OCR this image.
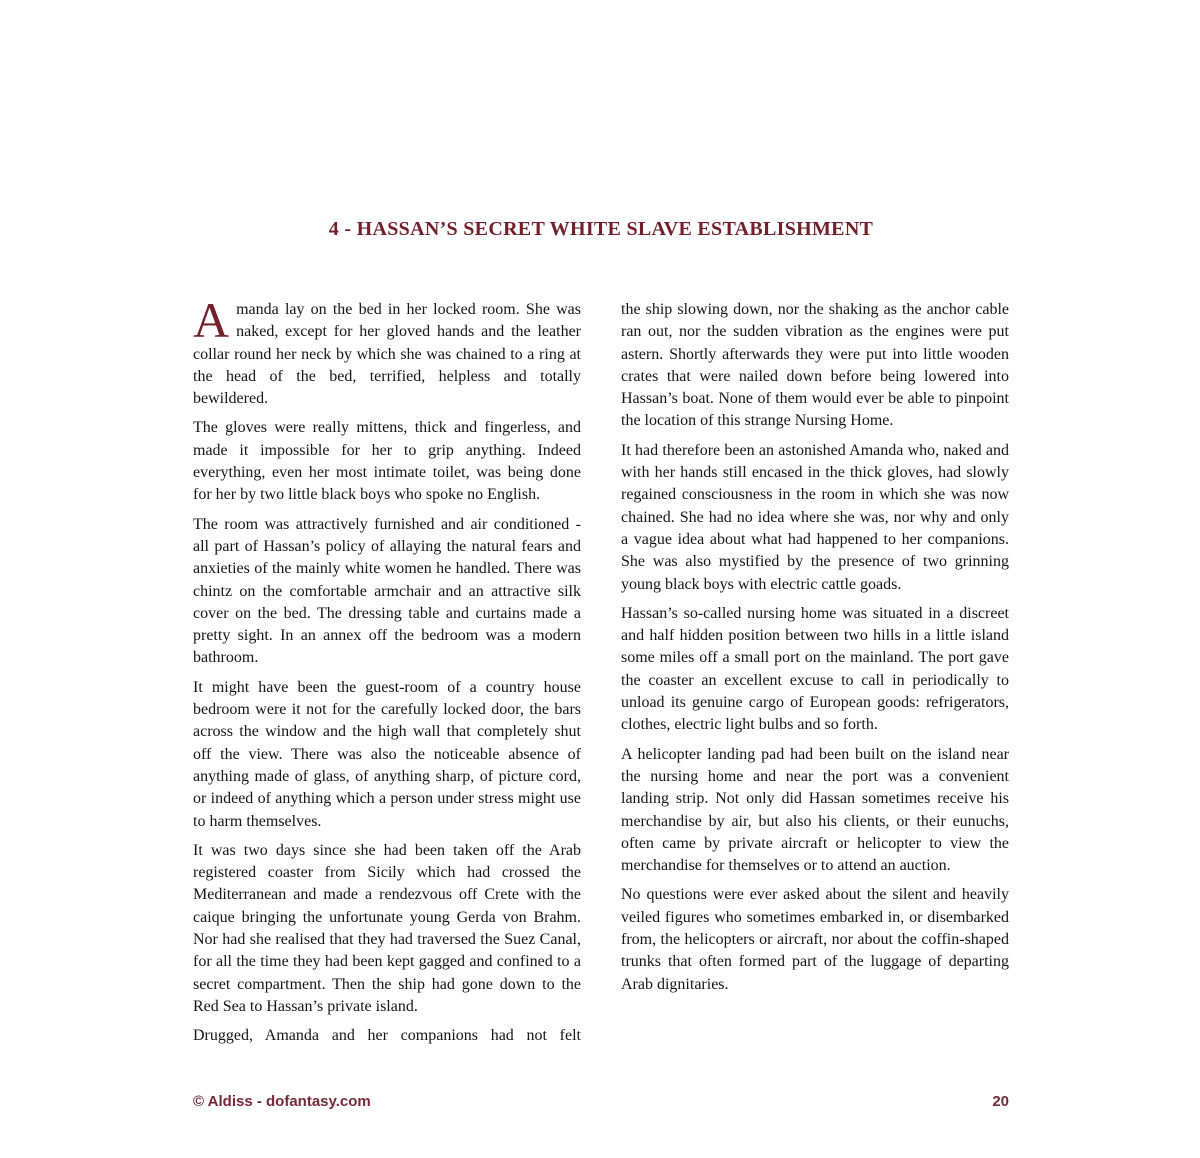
4 - HASSAN’S SECRET WHITE SLAVE ESTABLISHMENT

Amanda lay on the bed in her locked room. She was naked, except for her gloved hands and the leather collar round her neck by which she was chained to a ring at the head of the bed, terrified, helpless and totally bewildered.

The gloves were really mittens, thick and fingerless, and made it impossible for her to grip anything. Indeed everything, even her most intimate toilet, was being done for her by two little black boys who spoke no English.

The room was attractively furnished and air conditioned - all part of Hassan’s policy of allaying the natural fears and anxieties of the mainly white women he handled. There was chintz on the comfortable armchair and an attractive silk cover on the bed. The dressing table and curtains made a pretty sight. In an annex off the bedroom was a modern bathroom.

It might have been the guest-room of a country house bedroom were it not for the carefully locked door, the bars across the window and the high wall that completely shut off the view. There was also the noticeable absence of anything made of glass, of anything sharp, of picture cord, or indeed of anything which a person under stress might use to harm themselves.

It was two days since she had been taken off the Arab registered coaster from Sicily which had crossed the Mediterranean and made a rendezvous off Crete with the caique bringing the unfortunate young Gerda von Brahm. Nor had she realised that they had traversed the Suez Canal, for all the time they had been kept gagged and confined to a secret compartment. Then the ship had gone down to the Red Sea to Hassan’s private island.

Drugged, Amanda and her companions had not felt

the ship slowing down, nor the shaking as the anchor cable ran out, nor the sudden vibration as the engines were put astern. Shortly afterwards they were put into little wooden crates that were nailed down before being lowered into Hassan’s boat. None of them would ever be able to pinpoint the location of this strange Nursing Home.

It had therefore been an astonished Amanda who, naked and with her hands still encased in the thick gloves, had slowly regained consciousness in the room in which she was now chained. She had no idea where she was, nor why and only a vague idea about what had happened to her companions. She was also mystified by the presence of two grinning young black boys with electric cattle goads.

Hassan’s so-called nursing home was situated in a discreet and half hidden position between two hills in a little island some miles off a small port on the mainland. The port gave the coaster an excellent excuse to call in periodically to unload its genuine cargo of European goods: refrigerators, clothes, electric light bulbs and so forth.

A helicopter landing pad had been built on the island near the nursing home and near the port was a convenient landing strip. Not only did Hassan sometimes receive his merchandise by air, but also his clients, or their eunuchs, often came by private aircraft or helicopter to view the merchandise for themselves or to attend an auction.

No questions were ever asked about the silent and heavily veiled figures who sometimes embarked in, or disembarked from, the helicopters or aircraft, nor about the coffin-shaped trunks that often formed part of the luggage of departing Arab dignitaries.

© Aldiss - dofantasy.com	20
